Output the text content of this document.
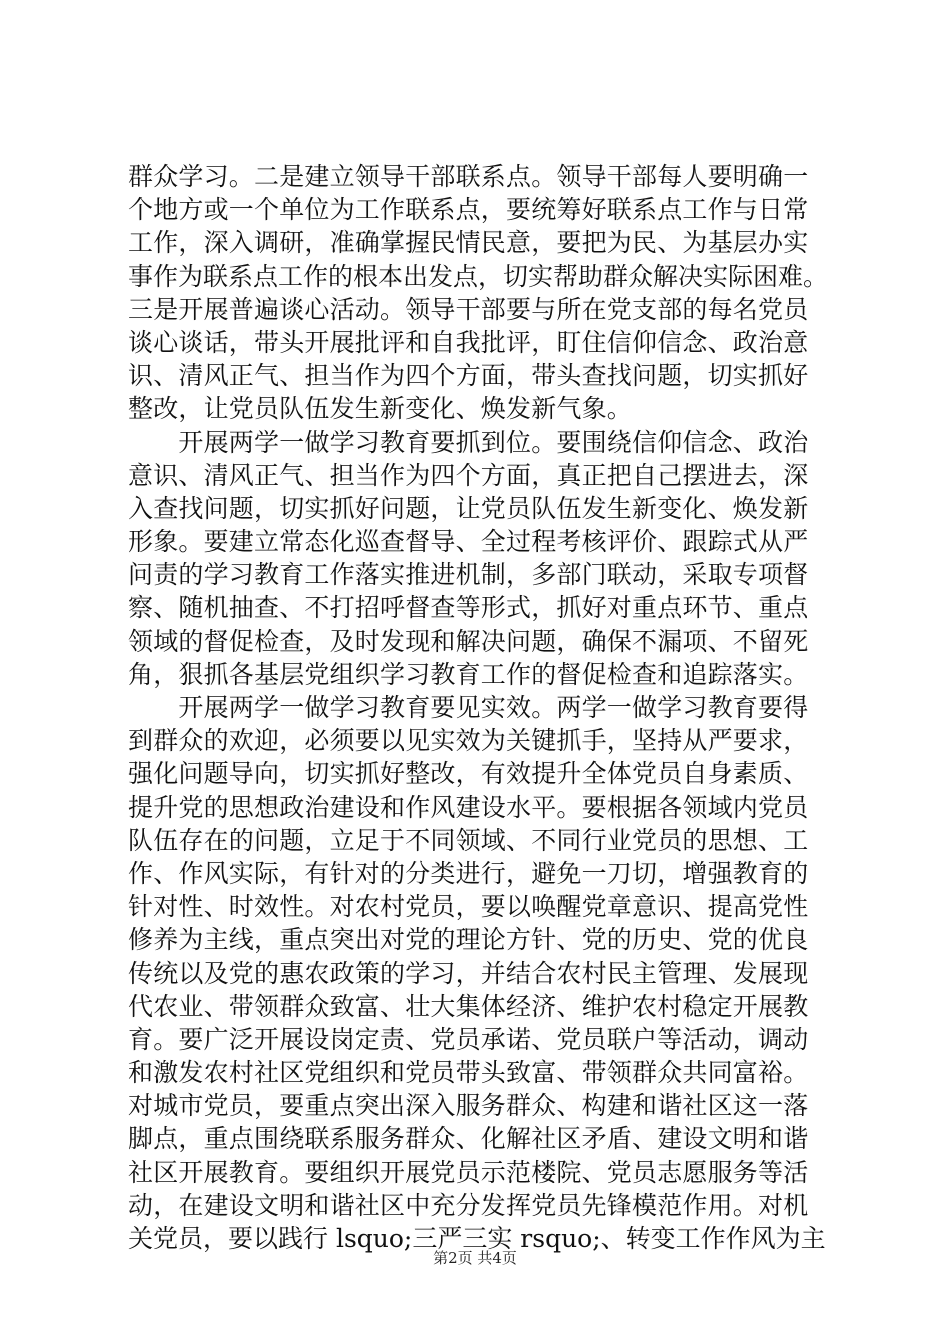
群众学习。二是建立领导干部联系点。领导干部每人要明确一
个地方或一个单位为工作联系点，要统筹好联系点工作与日常
工作，深入调研，准确掌握民情民意，要把为民、为基层办实
事作为联系点工作的根本出发点，切实帮助群众解决实际困难。
三是开展普遍谈心活动。领导干部要与所在党支部的每名党员
谈心谈话，带头开展批评和自我批评，盯住信仰信念、政治意
识、清风正气、担当作为四个方面，带头查找问题，切实抓好
整改，让党员队伍发生新变化、焕发新气象。
　　开展两学一做学习教育要抓到位。要围绕信仰信念、政治
意识、清风正气、担当作为四个方面，真正把自己摆进去，深
入查找问题，切实抓好问题，让党员队伍发生新变化、焕发新
形象。要建立常态化巡查督导、全过程考核评价、跟踪式从严
问责的学习教育工作落实推进机制，多部门联动，采取专项督
察、随机抽查、不打招呼督查等形式，抓好对重点环节、重点
领域的督促检查，及时发现和解决问题，确保不漏项、不留死
角，狠抓各基层党组织学习教育工作的督促检查和追踪落实。
　　开展两学一做学习教育要见实效。两学一做学习教育要得
到群众的欢迎，必须要以见实效为关键抓手，坚持从严要求，
强化问题导向，切实抓好整改，有效提升全体党员自身素质、
提升党的思想政治建设和作风建设水平。要根据各领域内党员
队伍存在的问题，立足于不同领域、不同行业党员的思想、工
作、作风实际，有针对的分类进行，避免一刀切，增强教育的
针对性、时效性。对农村党员，要以唤醒党章意识、提高党性
修养为主线，重点突出对党的理论方针、党的历史、党的优良
传统以及党的惠农政策的学习，并结合农村民主管理、发展现
代农业、带领群众致富、壮大集体经济、维护农村稳定开展教
育。要广泛开展设岗定责、党员承诺、党员联户等活动，调动
和激发农村社区党组织和党员带头致富、带领群众共同富裕。
对城市党员，要重点突出深入服务群众、构建和谐社区这一落
脚点，重点围绕联系服务群众、化解社区矛盾、建设文明和谐
社区开展教育。要组织开展党员示范楼院、党员志愿服务等活
动，在建设文明和谐社区中充分发挥党员先锋模范作用。对机
关党员，要以践行 lsquo;三严三实 rsquo;、转变工作作风为主
第2页 共4页
